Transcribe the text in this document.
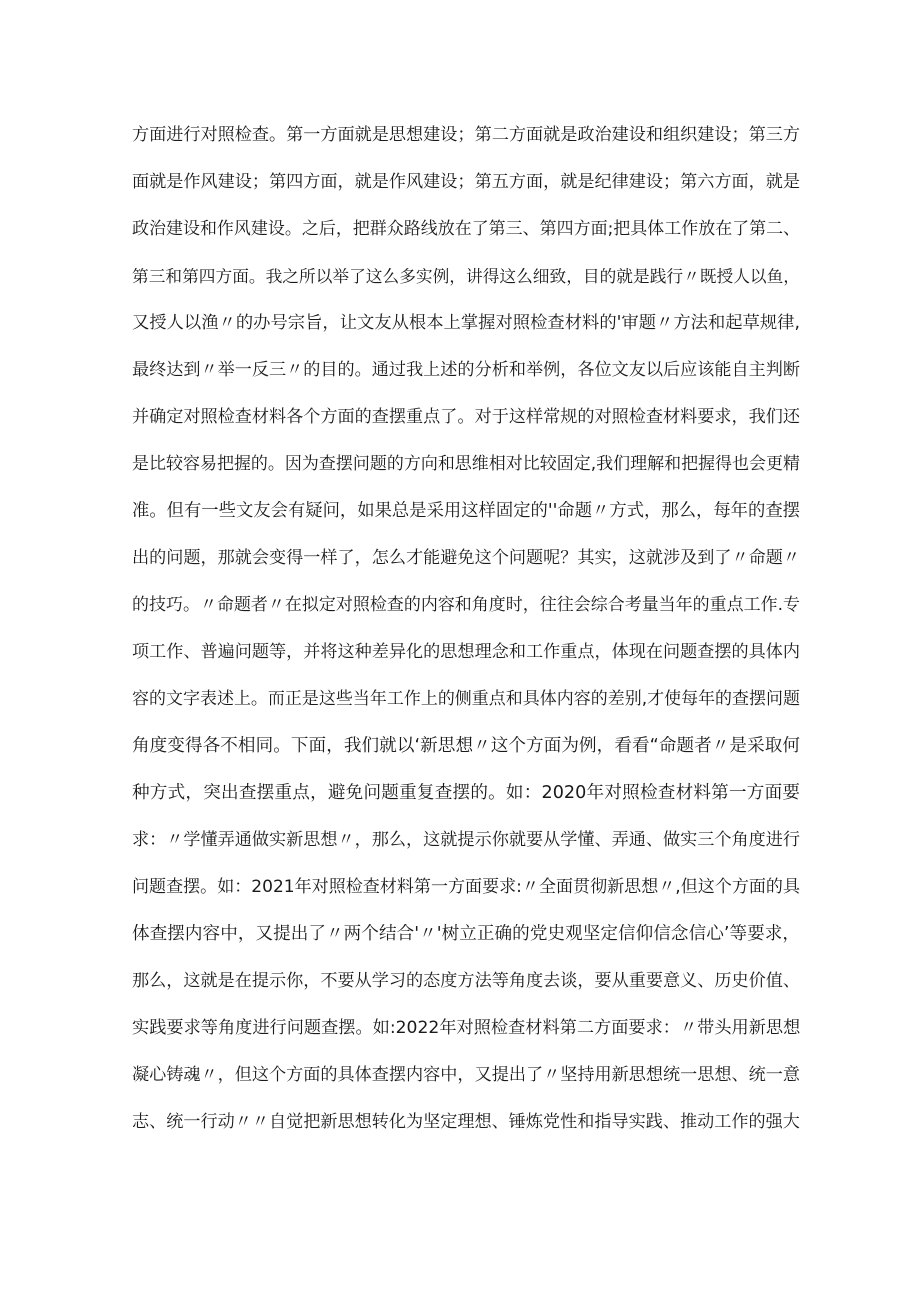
方面进行对照检查。第一方面就是思想建设；第二方面就是政治建设和组织建设；第三方
面就是作风建设；第四方面，就是作风建设；第五方面，就是纪律建设；第六方面，就是
政治建设和作风建设。之后，把群众路线放在了第三、第四方面;把具体工作放在了第二、
第三和第四方面。我之所以举了这么多实例，讲得这么细致，目的就是践行〃既授人以鱼，
又授人以渔〃的办号宗旨，让文友从根本上掌握对照检查材料的'审题〃方法和起草规律,
最终达到〃举一反三〃的目的。通过我上述的分析和举例，各位文友以后应该能自主判断
并确定对照检查材料各个方面的查摆重点了。对于这样常规的对照检查材料要求，我们还
是比较容易把握的。因为查摆问题的方向和思维相对比较固定,我们理解和把握得也会更精
准。但有一些文友会有疑问，如果总是采用这样固定的''命题〃方式，那么，每年的查摆
出的问题，那就会变得一样了，怎么才能避免这个问题呢？其实，这就涉及到了〃命题〃
的技巧。〃命题者〃在拟定对照检查的内容和角度时，往往会综合考量当年的重点工作.专
项工作、普遍问题等，并将这种差异化的思想理念和工作重点，体现在问题查摆的具体内
容的文字表述上。而正是这些当年工作上的侧重点和具体内容的差别,才使每年的查摆问题
角度变得各不相同。下面，我们就以‘新思想〃这个方面为例，看看“命题者〃是采取何
种方式，突出查摆重点，避免问题重复查摆的。如：2020年对照检查材料第一方面要
求：〃学懂弄通做实新思想〃，那么，这就提示你就要从学懂、弄通、做实三个角度进行
问题查摆。如：2021年对照检查材料第一方面要求:〃全面贯彻新思想〃,但这个方面的具
体查摆内容中，又提出了〃两个结合'〃'树立正确的党史观坚定信仰信念信心’等要求，
那么，这就是在提示你，不要从学习的态度方法等角度去谈，要从重要意义、历史价值、
实践要求等角度进行问题查摆。如:2022年对照检查材料第二方面要求：〃带头用新思想
凝心铸魂〃，但这个方面的具体查摆内容中，又提出了〃坚持用新思想统一思想、统一意
志、统一行动〃〃自觉把新思想转化为坚定理想、锤炼党性和指导实践、推动工作的强大
